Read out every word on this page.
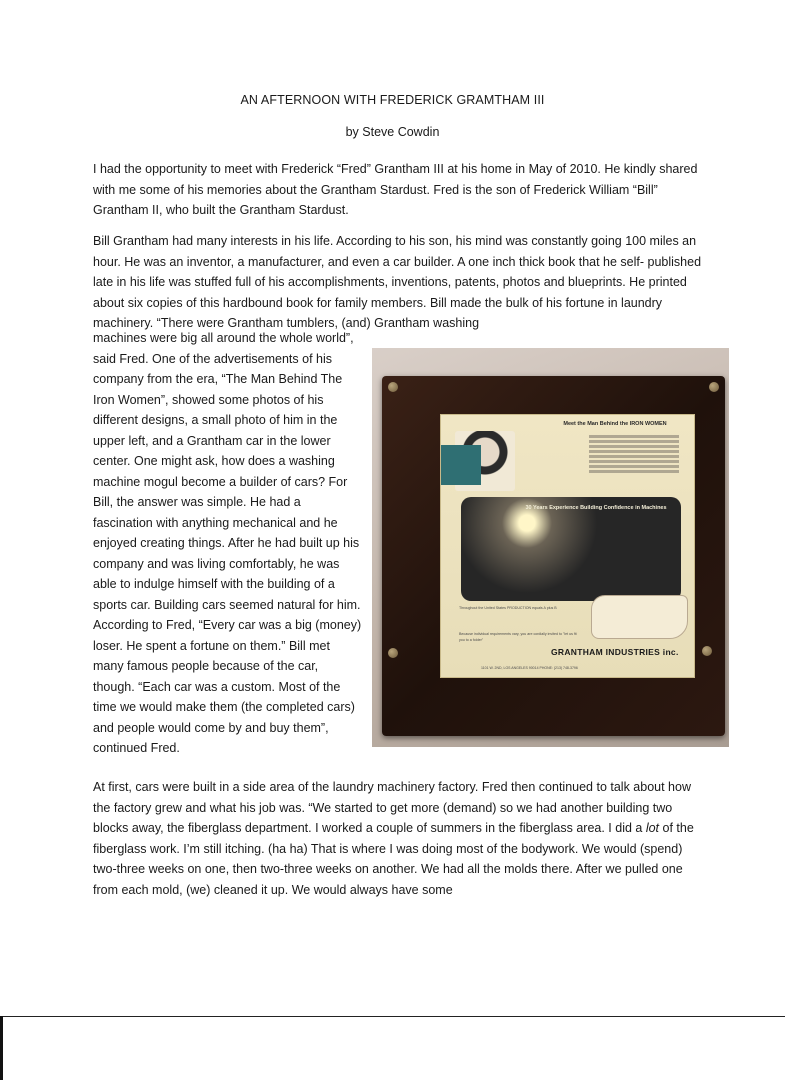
AN AFTERNOON WITH FREDERICK GRAMTHAM III
by Steve Cowdin

I had the opportunity to meet with Frederick “Fred” Grantham III at his home in May of 2010. He kindly shared with me some of his memories about the Grantham Stardust. Fred is the son of Frederick William “Bill” Grantham II, who built the Grantham Stardust.

Bill Grantham had many interests in his life. According to his son, his mind was constantly going 100 miles an hour. He was an inventor, a manufacturer, and even a car builder. A one inch thick book that he self- published late in his life was stuffed full of his accomplishments, inventions, patents, photos and blueprints. He printed about six copies of this hardbound book for family members. Bill made the bulk of his fortune in laundry machinery. “There were Grantham tumblers, (and) Grantham washing

machines were big all around the whole world”, said Fred. One of the advertisements of his company from the era, “The Man Behind The Iron Women”, showed some photos of his different designs, a small photo of him in the upper left, and a Grantham car in the lower center. One might ask, how does a washing machine mogul become a builder of cars? For Bill, the answer was simple. He had a fascination with anything mechanical and he enjoyed creating things. After he had built up his company and was living comfortably, he was able to indulge himself with the building of a sports car. Building cars seemed natural for him. According to Fred, “Every car was a big (money) loser. He spent a fortune on them.” Bill met many famous people because of the car, though. “Each car was a custom. Most of the time we would make them (the completed cars) and people would come by and buy them”, continued Fred.

Meet the Man Behind the IRON WOMEN
30 Years Experience Building Confidence in Machines
Throughout the United States PRODUCTION equals A plus B
Because individual requirements vary, you are cordially invited to "let us fit you to a folder"
GRANTHAM INDUSTRIES inc.
1101 W. 2ND, LOS ANGELES 90014 PHONE: (213) 748-3796

At first, cars were built in a side area of the laundry machinery factory. Fred then continued to talk about how the factory grew and what his job was. “We started to get more (demand) so we had another building two blocks away, the fiberglass department. I worked a couple of summers in the fiberglass area. I did a lot of the fiberglass work. I’m still itching. (ha ha) That is where I was doing most of the bodywork. We would (spend) two-three weeks on one, then two-three weeks on another. We had all the molds there. After we pulled one from each mold, (we) cleaned it up. We would always have some
